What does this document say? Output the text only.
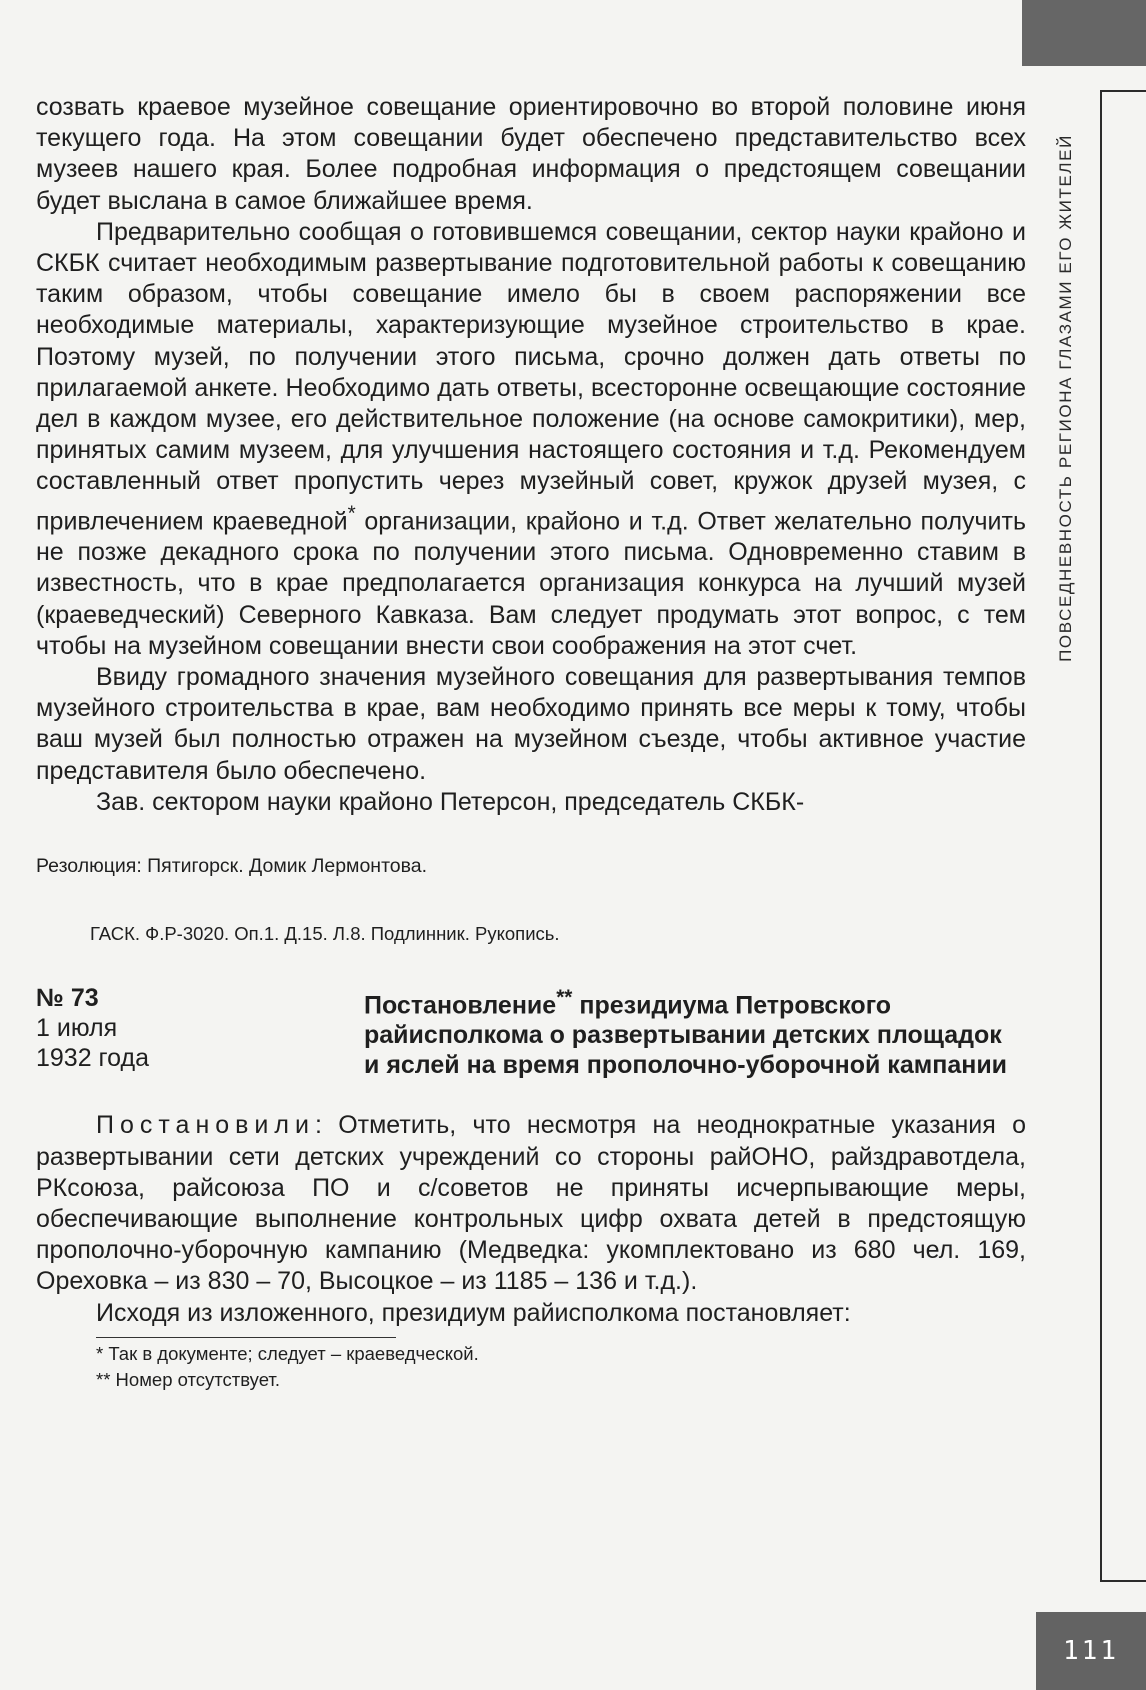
ПОВСЕДНЕВНОСТЬ РЕГИОНА ГЛАЗАМИ ЕГО ЖИТЕЛЕЙ
111

созвать краевое музейное совещание ориентировочно во второй половине июня текущего года. На этом совещании будет обеспечено представительство всех музеев нашего края. Более подробная информация о предстоящем совещании будет выслана в самое ближайшее время.

Предварительно сообщая о готовившемся совещании, сектор науки крайоно и СКБК считает необходимым развертывание подготовительной работы к совещанию таким образом, чтобы совещание имело бы в своем распоряжении все необходимые материалы, характеризующие музейное строительство в крае. Поэтому музей, по получении этого письма, срочно должен дать ответы по прилагаемой анкете. Необходимо дать ответы, всесторонне освещающие состояние дел в каждом музее, его действительное положение (на основе самокритики), мер, принятых самим музеем, для улучшения настоящего состояния и т.д. Рекомендуем составленный ответ пропустить через музейный совет, кружок друзей музея, с привлечением краеведной* организации, крайоно и т.д. Ответ желательно получить не позже декадного срока по получении этого письма. Одновременно ставим в известность, что в крае предполагается организация конкурса на лучший музей (краеведческий) Северного Кавказа. Вам следует продумать этот вопрос, с тем чтобы на музейном совещании внести свои соображения на этот счет.

Ввиду громадного значения музейного совещания для развертывания темпов музейного строительства в крае, вам необходимо принять все меры к тому, чтобы ваш музей был полностью отражен на музейном съезде, чтобы активное участие представителя было обеспечено.

Зав. сектором науки крайоно Петерсон, председатель СКБК-

Резолюция: Пятигорск. Домик Лермонтова.

ГАСК. Ф.Р-3020. Оп.1. Д.15. Л.8. Подлинник. Рукопись.

№ 73
1 июля
1932 года
Постановление** президиума Петровского райисполкома о развертывании детских площадок и яслей на время прополочно-уборочной кампании

Постановили: Отметить, что несмотря на неоднократные указания о развертывании сети детских учреждений со стороны райОНО, райздравотдела, РКсоюза, райсоюза ПО и с/советов не приняты исчерпывающие меры, обеспечивающие выполнение контрольных цифр охвата детей в предстоящую прополочно-уборочную кампанию (Медведка: укомплектовано из 680 чел. 169, Ореховка – из 830 – 70, Высоцкое – из 1185 – 136 и т.д.).

Исходя из изложенного, президиум райисполкома постановляет:

* Так в документе; следует – краеведческой.
** Номер отсутствует.
